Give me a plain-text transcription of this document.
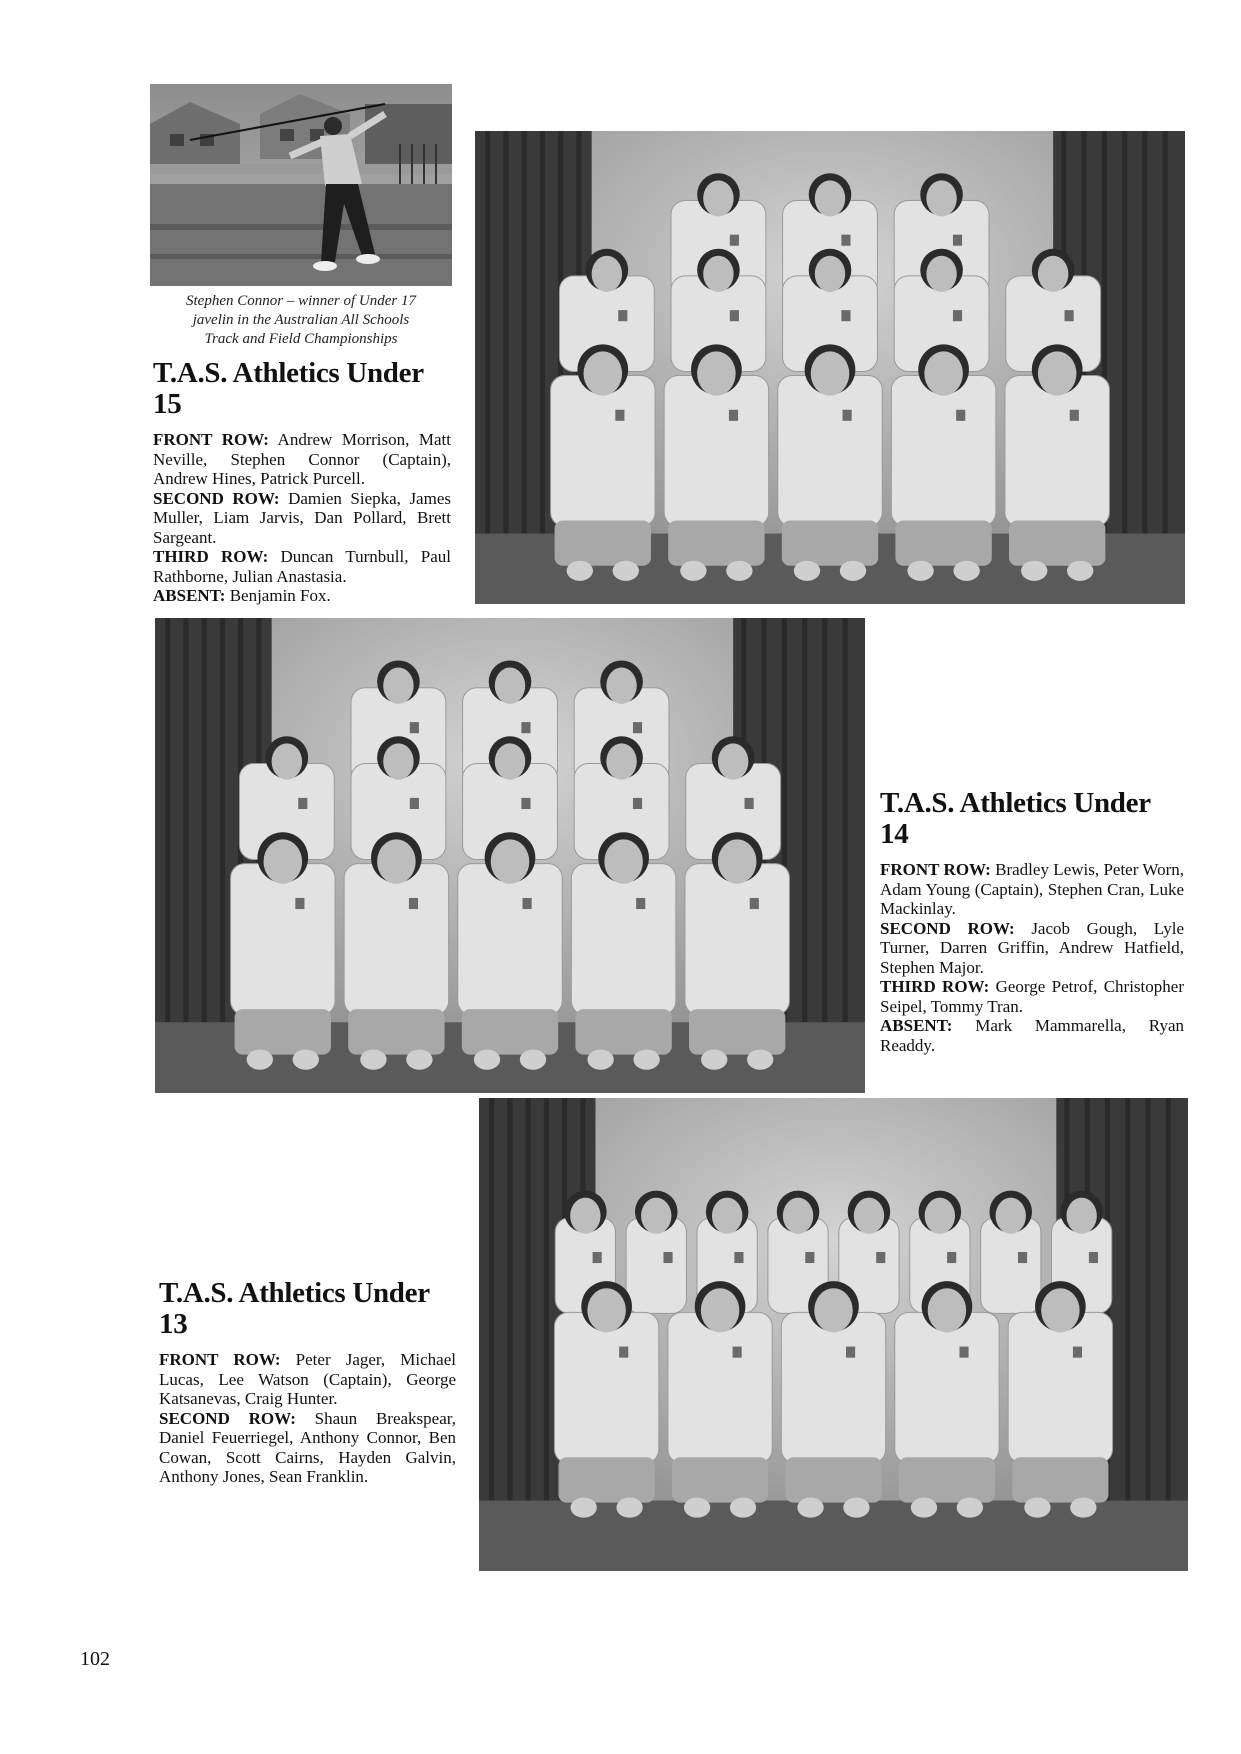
Stephen Connor – winner of Under 17
javelin in the Australian All Schools
Track and Field Championships
T.A.S. Athletics Under 15

FRONT ROW: Andrew Morrison, Matt Neville, Stephen Connor (Captain), Andrew Hines, Patrick Purcell.

SECOND ROW: Damien Siepka, James Muller, Liam Jarvis, Dan Pollard, Brett Sargeant.

THIRD ROW: Duncan Turnbull, Paul Rathborne, Julian Anastasia.

ABSENT: Benjamin Fox.

T.A.S. Athletics Under 14

FRONT ROW: Bradley Lewis, Peter Worn, Adam Young (Captain), Stephen Cran, Luke Mackinlay.

SECOND ROW: Jacob Gough, Lyle Turner, Darren Griffin, Andrew Hatfield, Stephen Major.

THIRD ROW: George Petrof, Christopher Seipel, Tommy Tran.

ABSENT: Mark Mammarella, Ryan Readdy.

T.A.S. Athletics Under 13

FRONT ROW: Peter Jager, Michael Lucas, Lee Watson (Captain), George Katsanevas, Craig Hunter.

SECOND ROW: Shaun Breakspear, Daniel Feuerriegel, Anthony Connor, Ben Cowan, Scott Cairns, Hayden Galvin, Anthony Jones, Sean Franklin.

102
